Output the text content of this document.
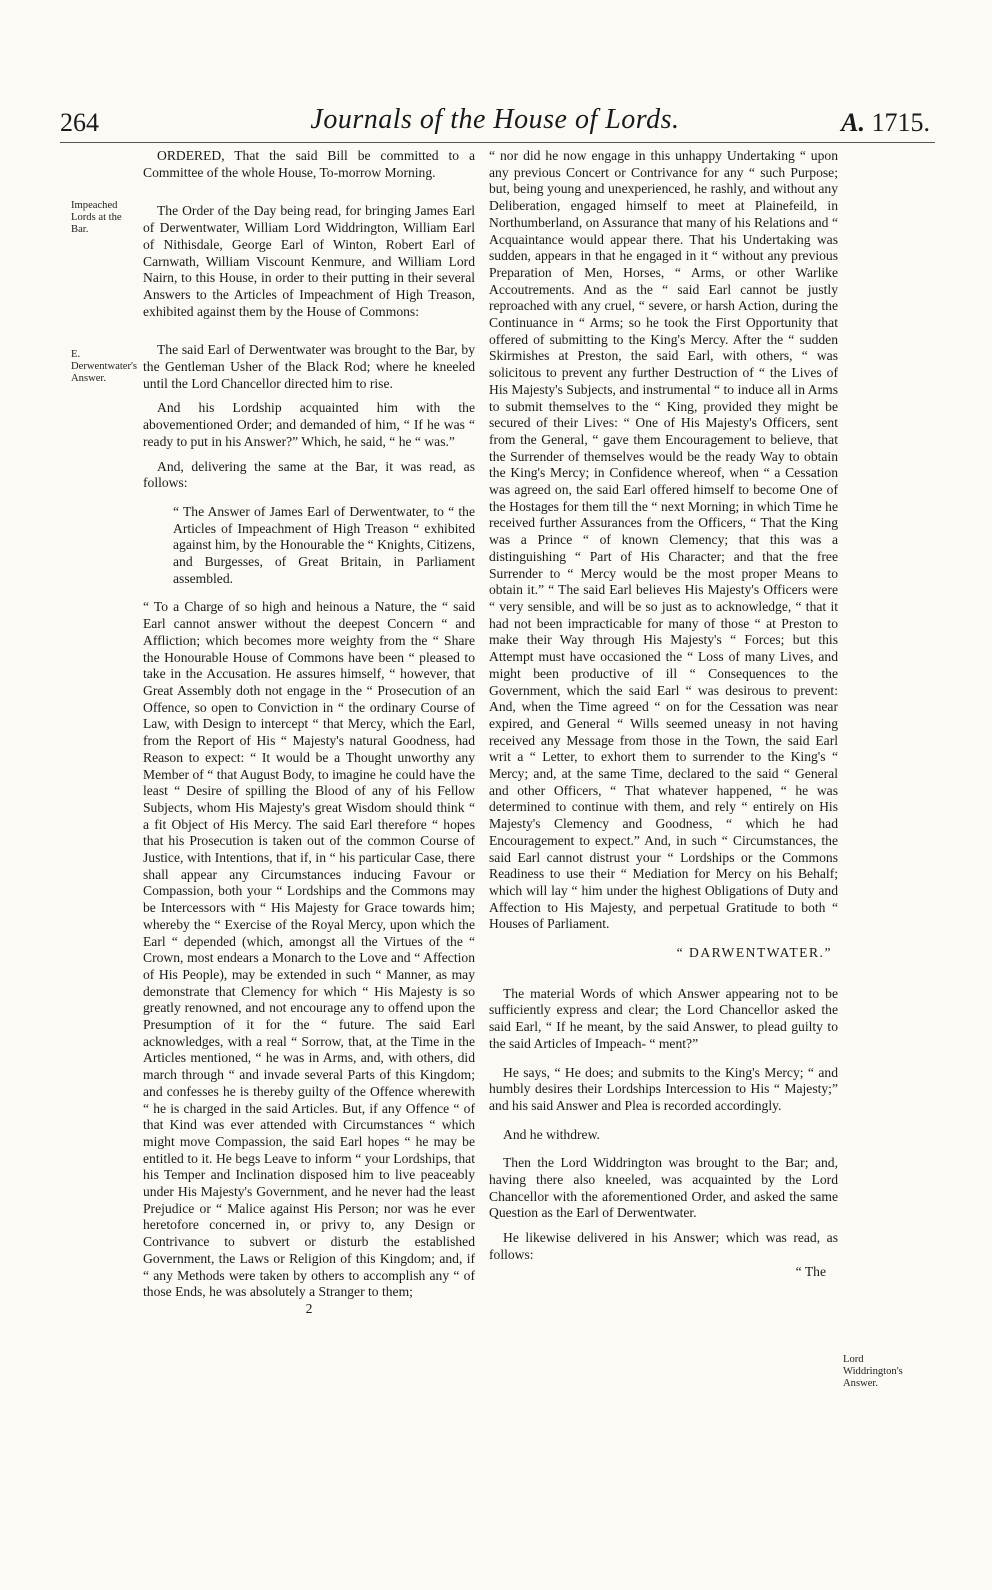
264	Journals of the House of Lords.	A. 1715.
Impeached Lords at the Bar.
E. Derwentwater's Answer.
Lord Widdrington's Answer.

ORDERED, That the said Bill be committed to a Committee of the whole House, To-morrow Morning.

The Order of the Day being read, for bringing James Earl of Derwentwater, William Lord Widdrington, William Earl of Nithisdale, George Earl of Winton, Robert Earl of Carnwath, William Viscount Kenmure, and William Lord Nairn, to this House, in order to their putting in their several Answers to the Articles of Impeachment of High Treason, exhibited against them by the House of Commons:

The said Earl of Derwentwater was brought to the Bar, by the Gentleman Usher of the Black Rod; where he kneeled until the Lord Chancellor directed him to rise.

And his Lordship acquainted him with the abovementioned Order; and demanded of him, “ If he was “ ready to put in his Answer?” Which, he said, “ he “ was.”

And, delivering the same at the Bar, it was read, as follows:

“ The Answer of James Earl of Derwentwater, to “ the Articles of Impeachment of High Treason “ exhibited against him, by the Honourable the “ Knights, Citizens, and Burgesses, of Great Britain, in Parliament assembled.

“ To a Charge of so high and heinous a Nature, the “ said Earl cannot answer without the deepest Concern “ and Affliction; which becomes more weighty from the “ Share the Honourable House of Commons have been “ pleased to take in the Accusation. He assures himself, “ however, that Great Assembly doth not engage in the “ Prosecution of an Offence, so open to Conviction in “ the ordinary Course of Law, with Design to intercept “ that Mercy, which the Earl, from the Report of His “ Majesty's natural Goodness, had Reason to expect: “ It would be a Thought unworthy any Member of “ that August Body, to imagine he could have the least “ Desire of spilling the Blood of any of his Fellow Subjects, whom His Majesty's great Wisdom should think “ a fit Object of His Mercy. The said Earl therefore “ hopes that his Prosecution is taken out of the common Course of Justice, with Intentions, that if, in “ his particular Case, there shall appear any Circumstances inducing Favour or Compassion, both your “ Lordships and the Commons may be Intercessors with “ His Majesty for Grace towards him; whereby the “ Exercise of the Royal Mercy, upon which the Earl “ depended (which, amongst all the Virtues of the “ Crown, most endears a Monarch to the Love and “ Affection of His People), may be extended in such “ Manner, as may demonstrate that Clemency for which “ His Majesty is so greatly renowned, and not encourage any to offend upon the Presumption of it for the “ future. The said Earl acknowledges, with a real “ Sorrow, that, at the Time in the Articles mentioned, “ he was in Arms, and, with others, did march through “ and invade several Parts of this Kingdom; and confesses he is thereby guilty of the Offence wherewith “ he is charged in the said Articles. But, if any Offence “ of that Kind was ever attended with Circumstances “ which might move Compassion, the said Earl hopes “ he may be entitled to it. He begs Leave to inform “ your Lordships, that his Temper and Inclination disposed him to live peaceably under His Majesty's Government, and he never had the least Prejudice or “ Malice against His Person; nor was he ever heretofore concerned in, or privy to, any Design or Contrivance to subvert or disturb the established Government, the Laws or Religion of this Kingdom; and, if “ any Methods were taken by others to accomplish any “ of those Ends, he was absolutely a Stranger to them;

2

“ nor did he now engage in this unhappy Undertaking “ upon any previous Concert or Contrivance for any “ such Purpose; but, being young and unexperienced, he rashly, and without any Deliberation, engaged himself to meet at Plainefeild, in Northumberland, on Assurance that many of his Relations and “ Acquaintance would appear there. That his Undertaking was sudden, appears in that he engaged in it “ without any previous Preparation of Men, Horses, “ Arms, or other Warlike Accoutrements. And as the “ said Earl cannot be justly reproached with any cruel, “ severe, or harsh Action, during the Continuance in “ Arms; so he took the First Opportunity that offered of submitting to the King's Mercy. After the “ sudden Skirmishes at Preston, the said Earl, with others, “ was solicitous to prevent any further Destruction of “ the Lives of His Majesty's Subjects, and instrumental “ to induce all in Arms to submit themselves to the “ King, provided they might be secured of their Lives: “ One of His Majesty's Officers, sent from the General, “ gave them Encouragement to believe, that the Surrender of themselves would be the ready Way to obtain the King's Mercy; in Confidence whereof, when “ a Cessation was agreed on, the said Earl offered himself to become One of the Hostages for them till the “ next Morning; in which Time he received further Assurances from the Officers, “ That the King was a Prince “ of known Clemency; that this was a distinguishing “ Part of His Character; and that the free Surrender to “ Mercy would be the most proper Means to obtain it.” “ The said Earl believes His Majesty's Officers were “ very sensible, and will be so just as to acknowledge, “ that it had not been impracticable for many of those “ at Preston to make their Way through His Majesty's “ Forces; but this Attempt must have occasioned the “ Loss of many Lives, and might been productive of ill “ Consequences to the Government, which the said Earl “ was desirous to prevent: And, when the Time agreed “ on for the Cessation was near expired, and General “ Wills seemed uneasy in not having received any Message from those in the Town, the said Earl writ a “ Letter, to exhort them to surrender to the King's “ Mercy; and, at the same Time, declared to the said “ General and other Officers, “ That whatever happened, “ he was determined to continue with them, and rely “ entirely on His Majesty's Clemency and Goodness, “ which he had Encouragement to expect.” And, in such “ Circumstances, the said Earl cannot distrust your “ Lordships or the Commons Readiness to use their “ Mediation for Mercy on his Behalf; which will lay “ him under the highest Obligations of Duty and Affection to His Majesty, and perpetual Gratitude to both “ Houses of Parliament.

“ DARWENTWATER.”

The material Words of which Answer appearing not to be sufficiently express and clear; the Lord Chancellor asked the said Earl, “ If he meant, by the said Answer, to plead guilty to the said Articles of Impeach- “ ment?”

He says, “ He does; and submits to the King's Mercy; “ and humbly desires their Lordships Intercession to His “ Majesty;” and his said Answer and Plea is recorded accordingly.

And he withdrew.

Then the Lord Widdrington was brought to the Bar; and, having there also kneeled, was acquainted by the Lord Chancellor with the aforementioned Order, and asked the same Question as the Earl of Derwentwater.

He likewise delivered in his Answer; which was read, as follows:

“ The
